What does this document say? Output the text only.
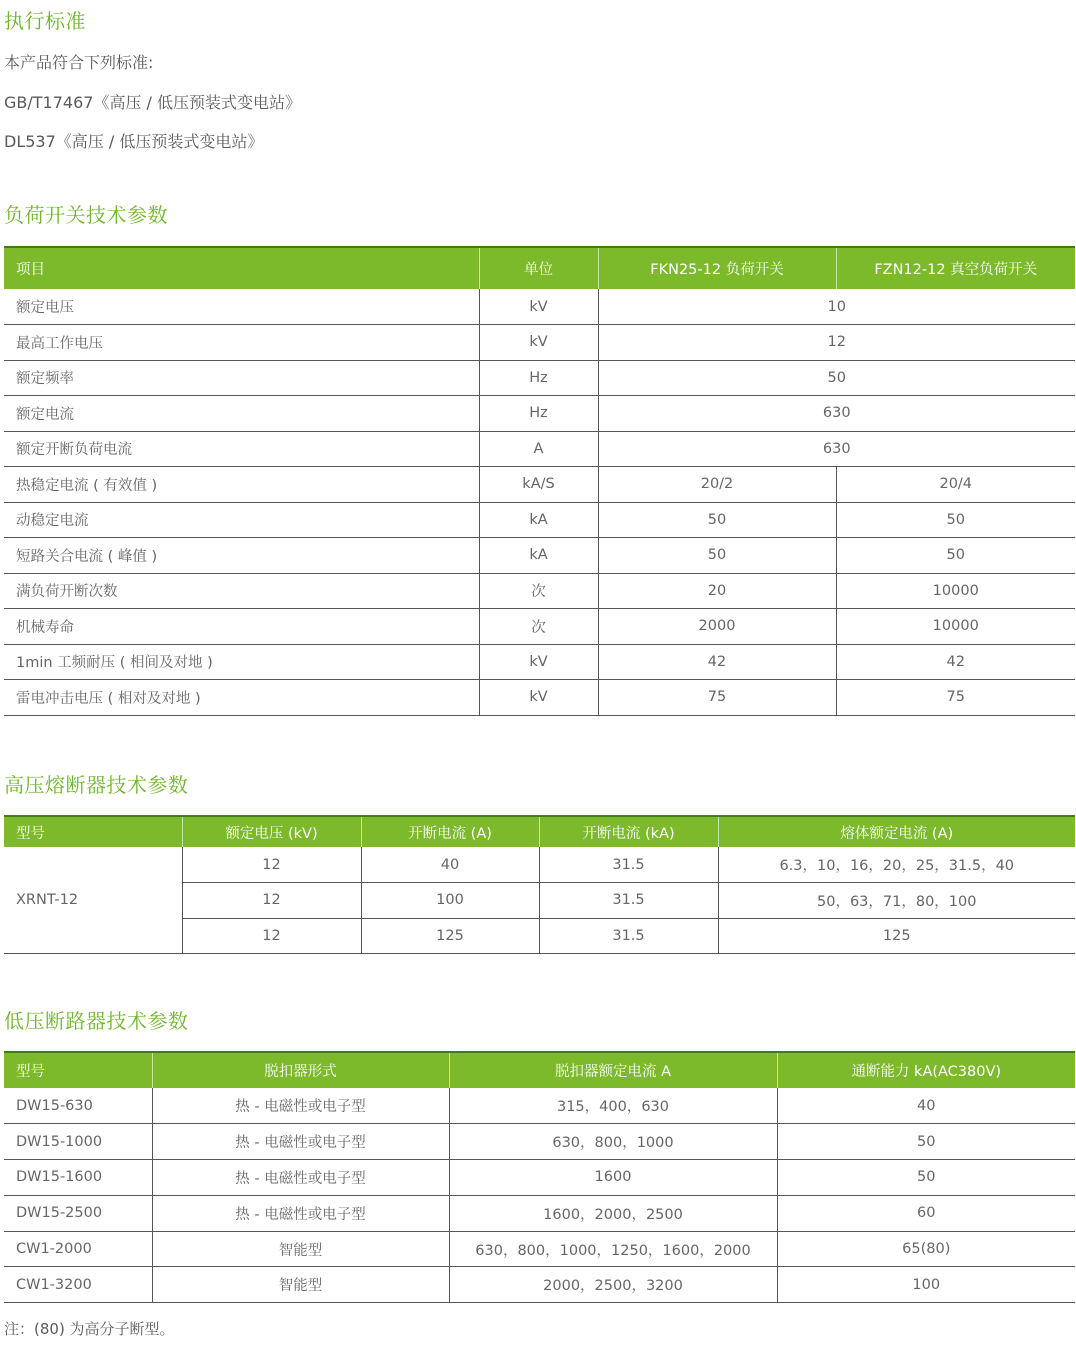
执行标准

本产品符合下列标准:

GB/T17467《高压 / 低压预装式变电站》

DL537《高压 / 低压预装式变电站》

负荷开关技术参数
项目	单位	FKN25-12 负荷开关	FZN12-12 真空负荷开关
额定电压	kV	10	
最高工作电压	kV	12	
额定频率	Hz	50	
额定电流	Hz	630	
额定开断负荷电流	A	630	
热稳定电流 ( 有效值 )	kA/S	20/2	20/4
动稳定电流	kA	50	50
短路关合电流 ( 峰值 )	kA	50	50
满负荷开断次数	次	20	10000
机械寿命	次	2000	10000
1min 工频耐压 ( 相间及对地 )	kV	42	42
雷电冲击电压 ( 相对及对地 )	kV	75	75
高压熔断器技术参数
型号	额定电压 (kV)	开断电流 (A)	开断电流 (kA)	熔体额定电流 (A)
XRNT-12	12	40	31.5	6.3，10，16，20，25，31.5，40
	12	100	31.5	50，63，71，80，100
	12	125	31.5	125
低压断路器技术参数
型号	脱扣器形式	脱扣器额定电流 A	通断能力 kA(AC380V)
DW15-630	热 - 电磁性或电子型	315，400，630	40
DW15-1000	热 - 电磁性或电子型	630，800，1000	50
DW15-1600	热 - 电磁性或电子型	1600	50
DW15-2500	热 - 电磁性或电子型	1600，2000，2500	60
CW1-2000	智能型	630，800，1000，1250，1600，2000	65(80)
CW1-3200	智能型	2000，2500，3200	100

注：(80) 为高分子断型。
